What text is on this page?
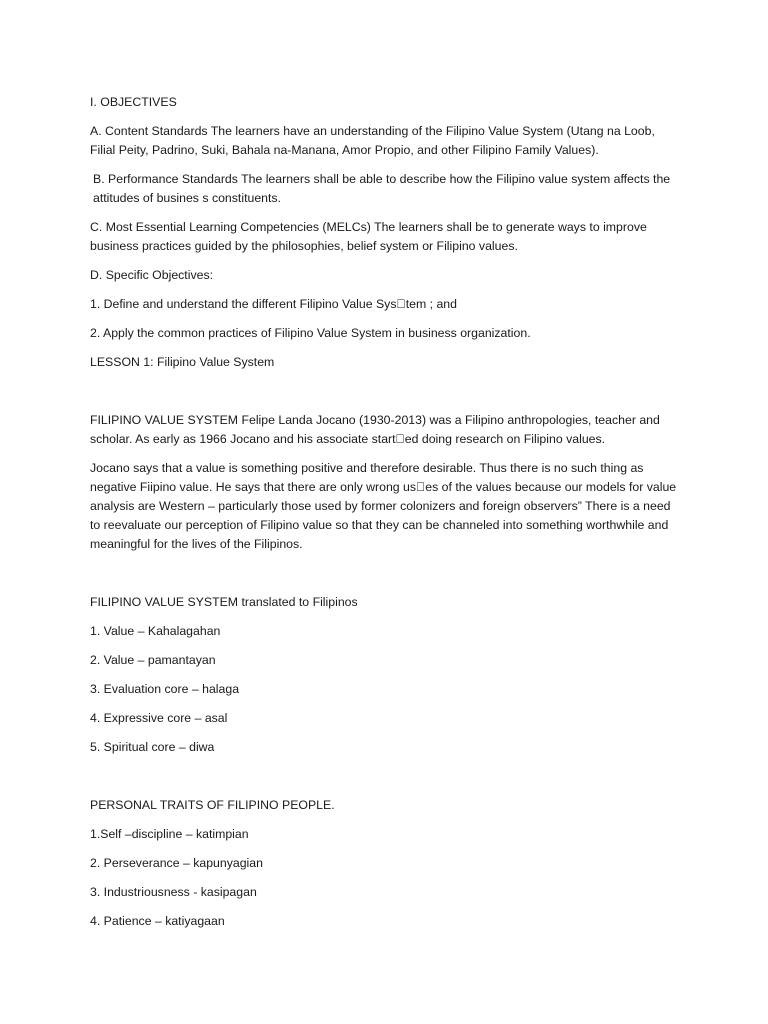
I. OBJECTIVES

A. Content Standards The learners have an understanding of the Filipino Value System (Utang na Loob, Filial Peity, Padrino, Suki, Bahala na-Manana, Amor Propio, and other Filipino Family Values).

B. Performance Standards The learners shall be able to describe how the Filipino value system affects the attitudes of busines s constituents.

C. Most Essential Learning Competencies (MELCs) The learners shall be to generate ways to improve business practices guided by the philosophies, belief system or Filipino values.

D. Specific Objectives:

1. Define and understand the different Filipino Value Sys tem ; and

2. Apply the common practices of Filipino Value System in business organization.

LESSON 1: Filipino Value System

FILIPINO VALUE SYSTEM Felipe Landa Jocano (1930-2013) was a Filipino anthropologies, teacher and scholar. As early as 1966 Jocano and his associate start ed doing research on Filipino values.

Jocano says that a value is something positive and therefore desirable. Thus there is no such thing as negative Fiipino value. He says that there are only wrong us es of the values because our models for value analysis are Western – particularly those used by former colonizers and foreign observers” There is a need to reevaluate our perception of Filipino value so that they can be channeled into something worthwhile and meaningful for the lives of the Filipinos.

FILIPINO VALUE SYSTEM translated to Filipinos

1. Value – Kahalagahan

2. Value – pamantayan

3. Evaluation core – halaga

4. Expressive core – asal

5. Spiritual core – diwa

PERSONAL TRAITS OF FILIPINO PEOPLE.

1.Self –discipline – katimpian

2. Perseverance – kapunyagian

3. Industriousness - kasipagan

4. Patience – katiyagaan
